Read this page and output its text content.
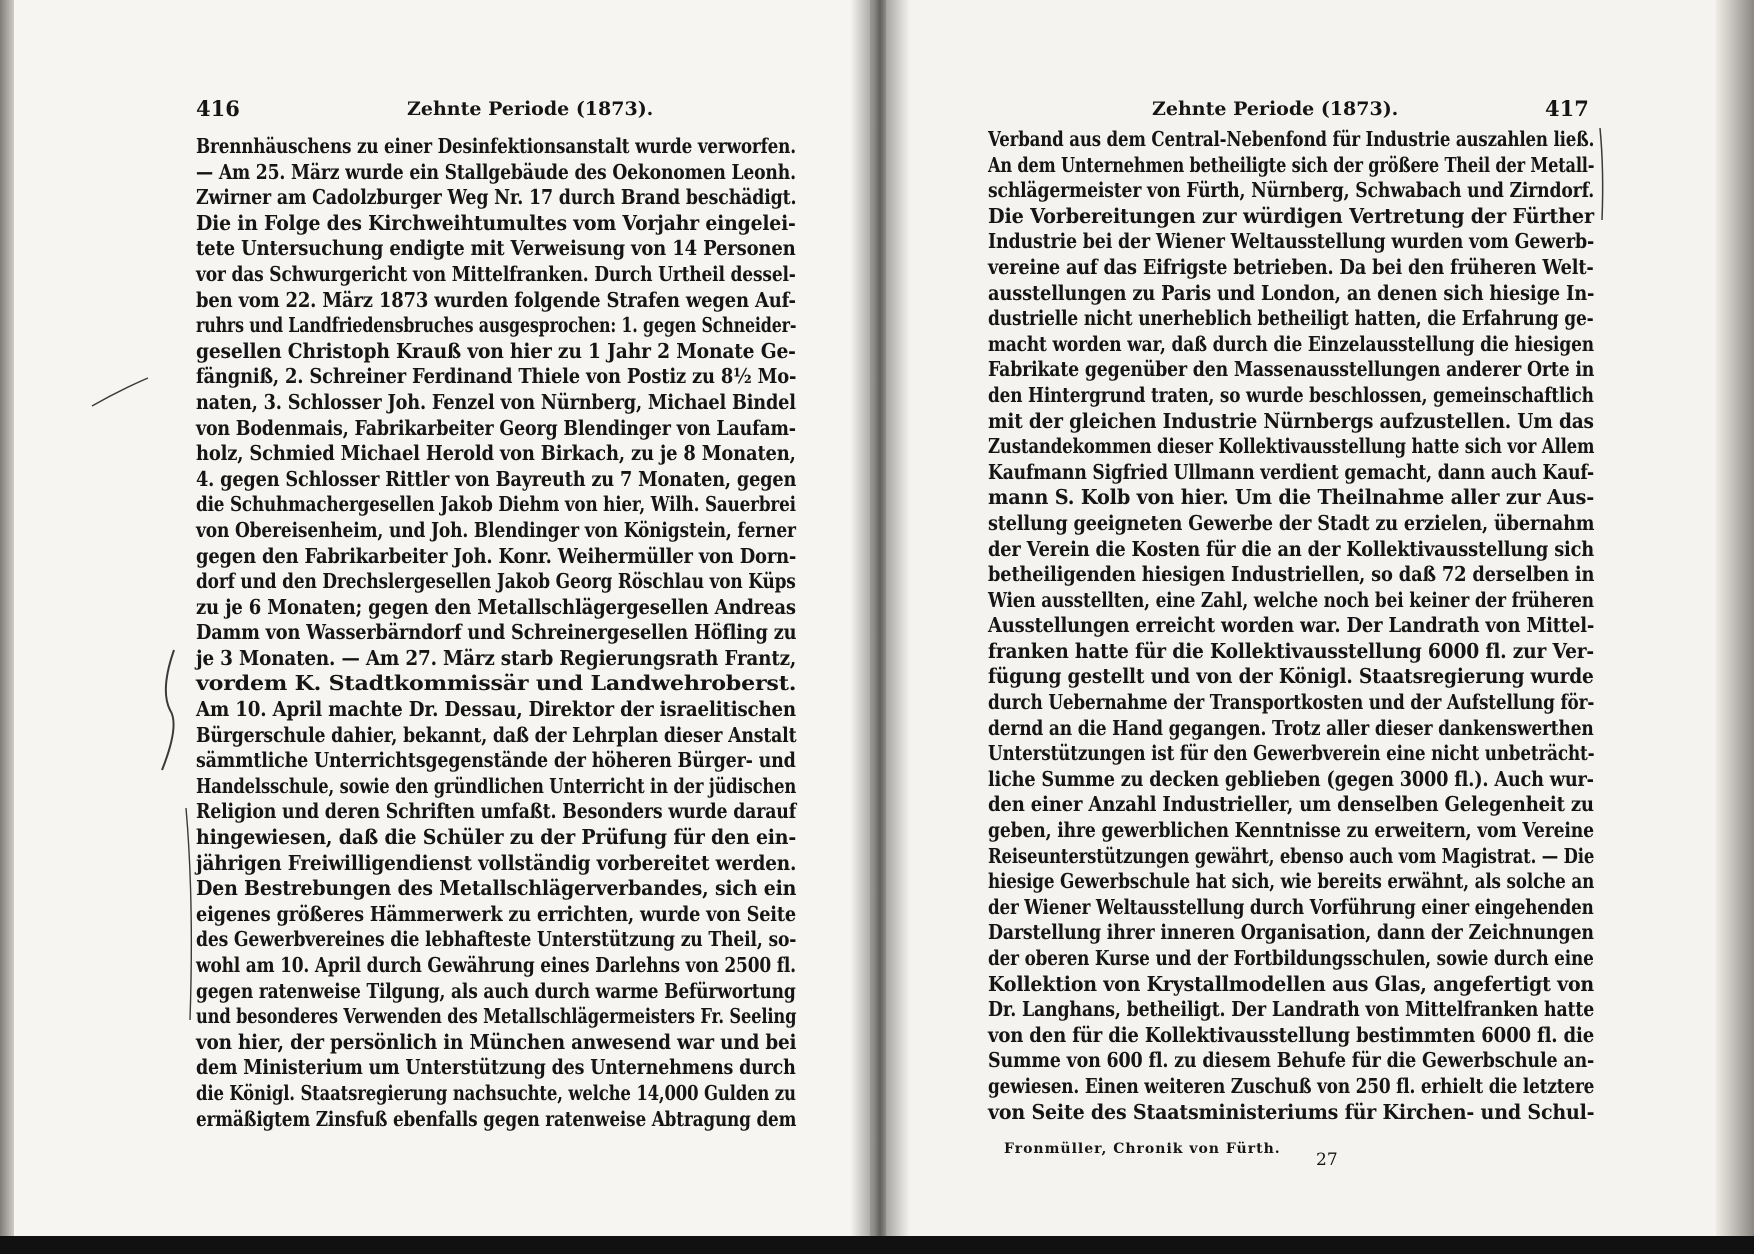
416	Zehnte Periode (1873).
Brennhäuschens zu einer Desinfektionsanstalt wurde verworfen.
— Am 25. März wurde ein Stallgebäude des Oekonomen Leonh.
Zwirner am Cadolzburger Weg Nr. 17 durch Brand beschädigt.
Die in Folge des Kirchweihtumultes vom Vorjahr eingelei-
tete Untersuchung endigte mit Verweisung von 14 Personen
vor das Schwurgericht von Mittelfranken. Durch Urtheil dessel-
ben vom 22. März 1873 wurden folgende Strafen wegen Auf-
ruhrs und Landfriedensbruches ausgesprochen: 1. gegen Schneider-
gesellen Christoph Krauß von hier zu 1 Jahr 2 Monate Ge-
fängniß, 2. Schreiner Ferdinand Thiele von Postiz zu 8½ Mo-
naten, 3. Schlosser Joh. Fenzel von Nürnberg, Michael Bindel
von Bodenmais, Fabrikarbeiter Georg Blendinger von Laufam-
holz, Schmied Michael Herold von Birkach, zu je 8 Monaten,
4. gegen Schlosser Rittler von Bayreuth zu 7 Monaten, gegen
die Schuhmachergesellen Jakob Diehm von hier, Wilh. Sauerbrei
von Obereisenheim, und Joh. Blendinger von Königstein, ferner
gegen den Fabrikarbeiter Joh. Konr. Weihermüller von Dorn-
dorf und den Drechslergesellen Jakob Georg Röschlau von Küps
zu je 6 Monaten; gegen den Metallschlägergesellen Andreas
Damm von Wasserbärndorf und Schreinergesellen Höfling zu
je 3 Monaten. — Am 27. März starb Regierungsrath Frantz,
vordem K. Stadtkommissär und Landwehroberst.
Am 10. April machte Dr. Dessau, Direktor der israelitischen
Bürgerschule dahier, bekannt, daß der Lehrplan dieser Anstalt
sämmtliche Unterrichtsgegenstände der höheren Bürger- und
Handelsschule, sowie den gründlichen Unterricht in der jüdischen
Religion und deren Schriften umfaßt. Besonders wurde darauf
hingewiesen, daß die Schüler zu der Prüfung für den ein-
jährigen Freiwilligendienst vollständig vorbereitet werden.
Den Bestrebungen des Metallschlägerverbandes, sich ein
eigenes größeres Hämmerwerk zu errichten, wurde von Seite
des Gewerbvereines die lebhafteste Unterstützung zu Theil, so-
wohl am 10. April durch Gewährung eines Darlehns von 2500 fl.
gegen ratenweise Tilgung, als auch durch warme Befürwortung
und besonderes Verwenden des Metallschlägermeisters Fr. Seeling
von hier, der persönlich in München anwesend war und bei
dem Ministerium um Unterstützung des Unternehmens durch
die Königl. Staatsregierung nachsuchte, welche 14,000 Gulden zu
ermäßigtem Zinsfuß ebenfalls gegen ratenweise Abtragung dem
Zehnte Periode (1873).	417
Verband aus dem Central-Nebenfond für Industrie auszahlen ließ.
An dem Unternehmen betheiligte sich der größere Theil der Metall-
schlägermeister von Fürth, Nürnberg, Schwabach und Zirndorf.
Die Vorbereitungen zur würdigen Vertretung der Fürther
Industrie bei der Wiener Weltausstellung wurden vom Gewerb-
vereine auf das Eifrigste betrieben. Da bei den früheren Welt-
ausstellungen zu Paris und London, an denen sich hiesige In-
dustrielle nicht unerheblich betheiligt hatten, die Erfahrung ge-
macht worden war, daß durch die Einzelausstellung die hiesigen
Fabrikate gegenüber den Massenausstellungen anderer Orte in
den Hintergrund traten, so wurde beschlossen, gemeinschaftlich
mit der gleichen Industrie Nürnbergs aufzustellen. Um das
Zustandekommen dieser Kollektivausstellung hatte sich vor Allem
Kaufmann Sigfried Ullmann verdient gemacht, dann auch Kauf-
mann S. Kolb von hier. Um die Theilnahme aller zur Aus-
stellung geeigneten Gewerbe der Stadt zu erzielen, übernahm
der Verein die Kosten für die an der Kollektivausstellung sich
betheiligenden hiesigen Industriellen, so daß 72 derselben in
Wien ausstellten, eine Zahl, welche noch bei keiner der früheren
Ausstellungen erreicht worden war. Der Landrath von Mittel-
franken hatte für die Kollektivausstellung 6000 fl. zur Ver-
fügung gestellt und von der Königl. Staatsregierung wurde
durch Uebernahme der Transportkosten und der Aufstellung för-
dernd an die Hand gegangen. Trotz aller dieser dankenswerthen
Unterstützungen ist für den Gewerbverein eine nicht unbeträcht-
liche Summe zu decken geblieben (gegen 3000 fl.). Auch wur-
den einer Anzahl Industrieller, um denselben Gelegenheit zu
geben, ihre gewerblichen Kenntnisse zu erweitern, vom Vereine
Reiseunterstützungen gewährt, ebenso auch vom Magistrat. — Die
hiesige Gewerbschule hat sich, wie bereits erwähnt, als solche an
der Wiener Weltausstellung durch Vorführung einer eingehenden
Darstellung ihrer inneren Organisation, dann der Zeichnungen
der oberen Kurse und der Fortbildungsschulen, sowie durch eine
Kollektion von Krystallmodellen aus Glas, angefertigt von
Dr. Langhans, betheiligt. Der Landrath von Mittelfranken hatte
von den für die Kollektivausstellung bestimmten 6000 fl. die
Summe von 600 fl. zu diesem Behufe für die Gewerbschule an-
gewiesen. Einen weiteren Zuschuß von 250 fl. erhielt die letztere
von Seite des Staatsministeriums für Kirchen- und Schul-
Fronmüller, Chronik von Fürth.
27
